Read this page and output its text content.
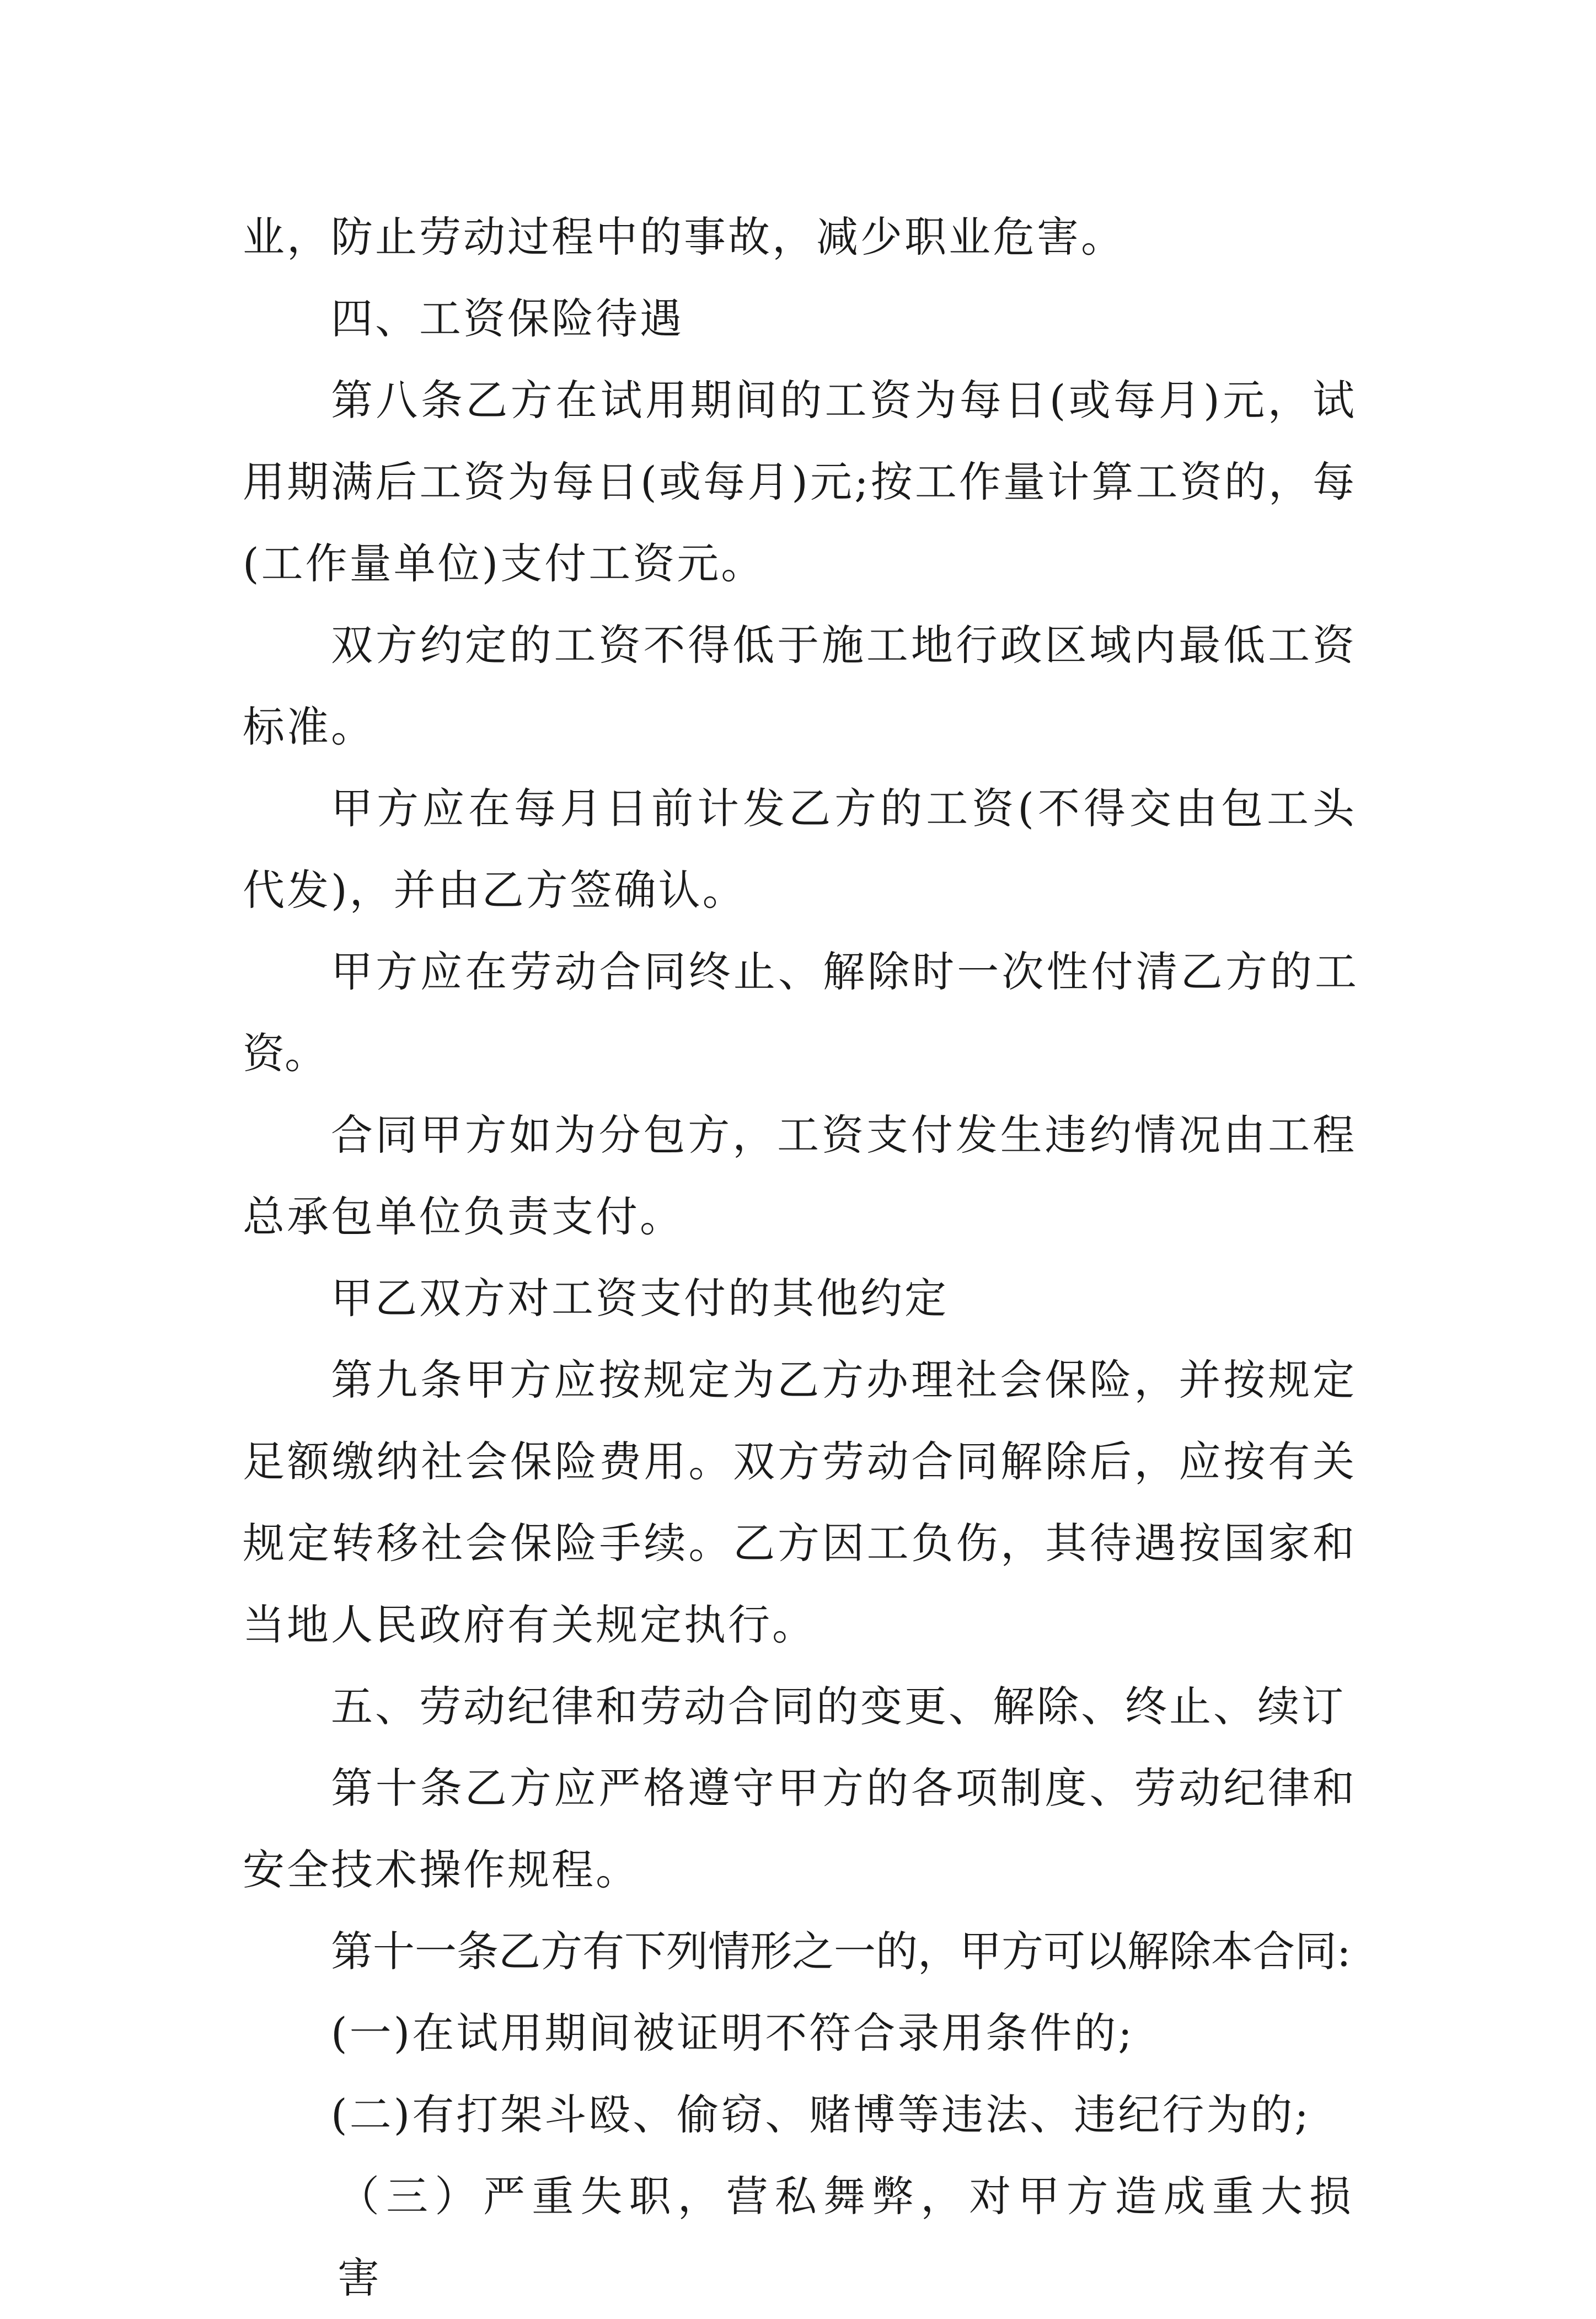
业，防止劳动过程中的事故，减少职业危害。

四、工资保险待遇

第八条乙方在试用期间的工资为每日(或每月)元，试用期满后工资为每日(或每月)元;按工作量计算工资的，每(工作量单位)支付工资元。

双方约定的工资不得低于施工地行政区域内最低工资标准。

甲方应在每月日前计发乙方的工资(不得交由包工头代发)，并由乙方签确认。

甲方应在劳动合同终止、解除时一次性付清乙方的工资。

合同甲方如为分包方，工资支付发生违约情况由工程总承包单位负责支付。

甲乙双方对工资支付的其他约定

第九条甲方应按规定为乙方办理社会保险，并按规定足额缴纳社会保险费用。双方劳动合同解除后，应按有关规定转移社会保险手续。乙方因工负伤，其待遇按国家和当地人民政府有关规定执行。

五、劳动纪律和劳动合同的变更、解除、终止、续订

第十条乙方应严格遵守甲方的各项制度、劳动纪律和安全技术操作规程。

第十一条乙方有下列情形之一的，甲方可以解除本合同:

(一)在试用期间被证明不符合录用条件的;

(二)有打架斗殴、偷窃、赌博等违法、违纪行为的;

（三）严重失职，营私舞弊，对甲方造成重大损害
